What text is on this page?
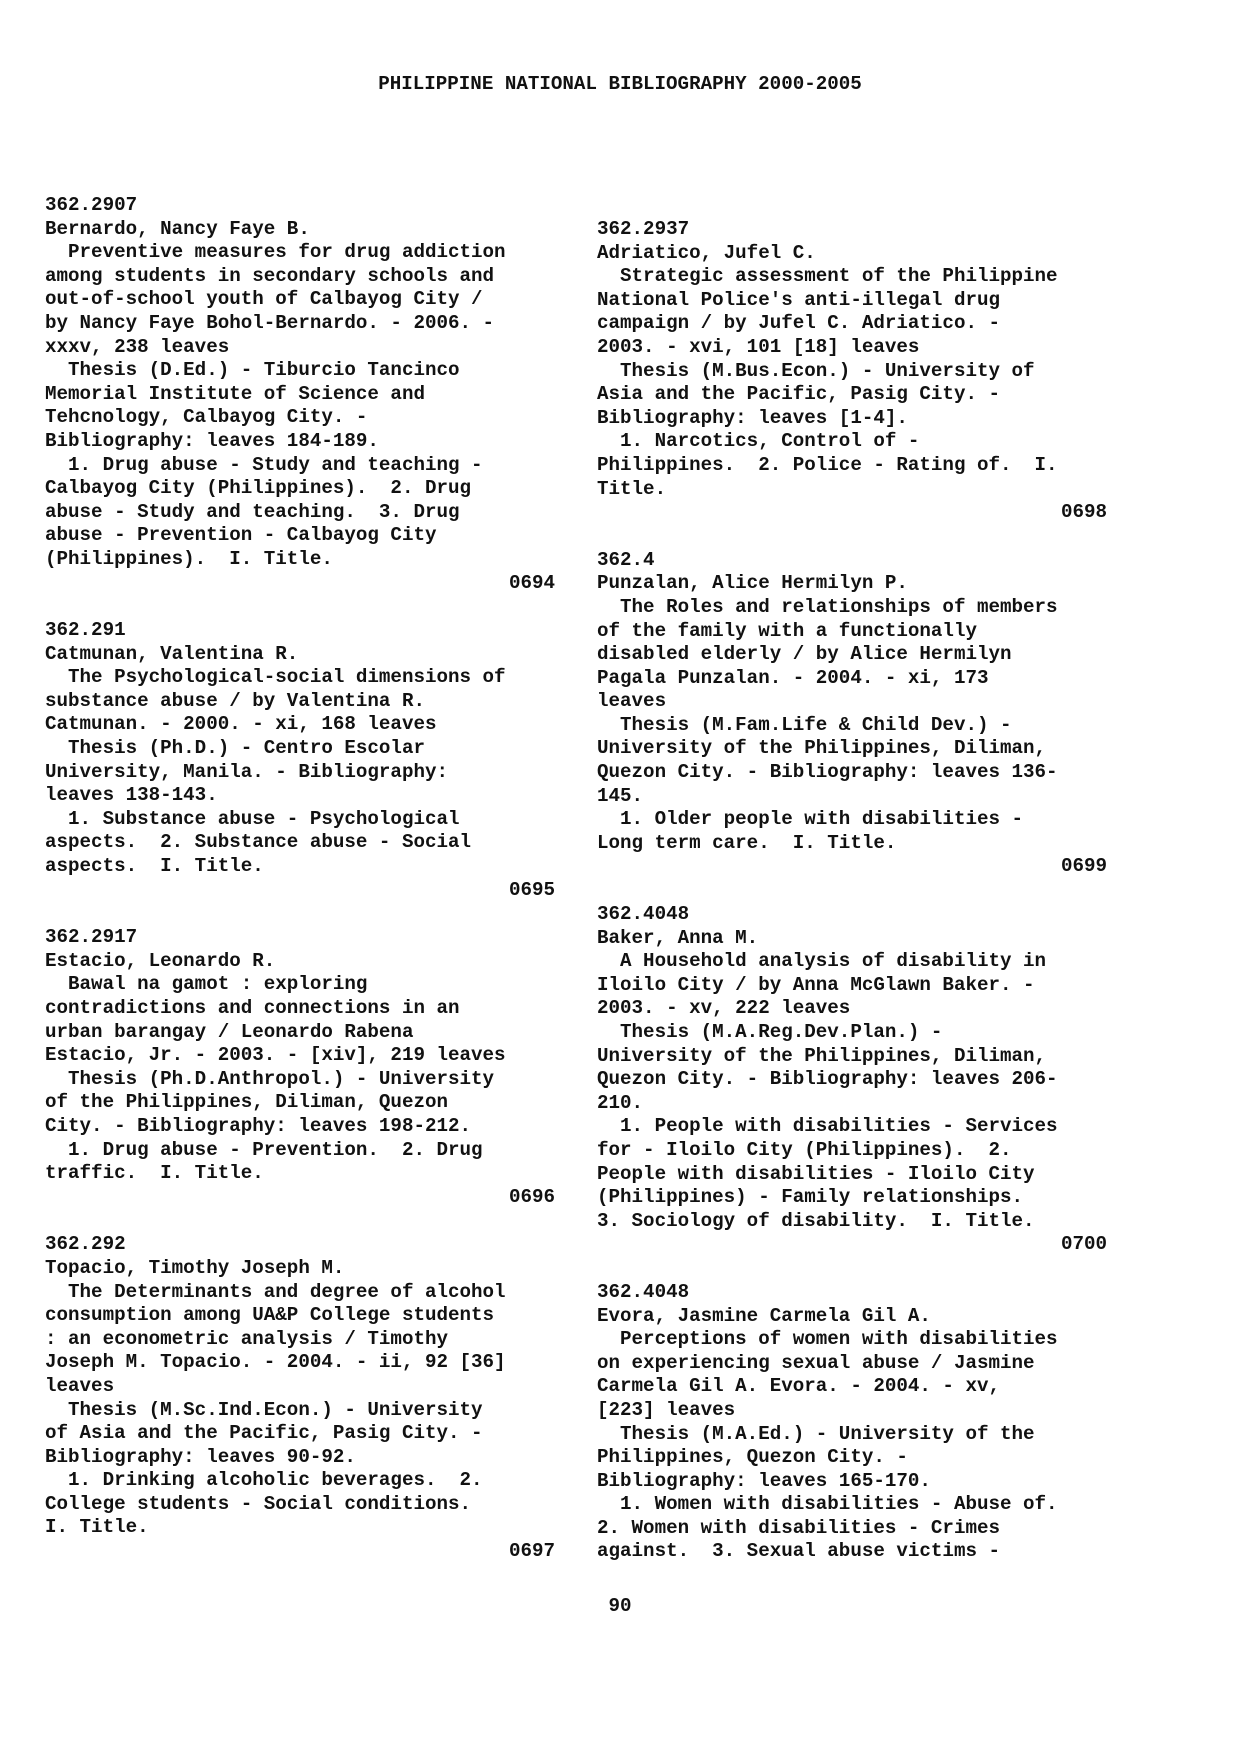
PHILIPPINE NATIONAL BIBLIOGRAPHY 2000-2005
362.2907
Bernardo, Nancy Faye B.
Preventive measures for drug addiction
among students in secondary schools and
out-of-school youth of Calbayog City /
by Nancy Faye Bohol-Bernardo. - 2006. -
xxxv, 238 leaves
Thesis (D.Ed.) - Tiburcio Tancinco
Memorial Institute of Science and
Tehcnology, Calbayog City. -
Bibliography: leaves 184-189.
1. Drug abuse - Study and teaching -
Calbayog City (Philippines).  2. Drug
abuse - Study and teaching.  3. Drug
abuse - Prevention - Calbayog City
(Philippines).  I. Title.
0694
362.291
Catmunan, Valentina R.
The Psychological-social dimensions of
substance abuse / by Valentina R.
Catmunan. - 2000. - xi, 168 leaves
Thesis (Ph.D.) - Centro Escolar
University, Manila. - Bibliography:
leaves 138-143.
1. Substance abuse - Psychological
aspects.  2. Substance abuse - Social
aspects.  I. Title.
0695
362.2917
Estacio, Leonardo R.
Bawal na gamot : exploring
contradictions and connections in an
urban barangay / Leonardo Rabena
Estacio, Jr. - 2003. - [xiv], 219 leaves
Thesis (Ph.D.Anthropol.) - University
of the Philippines, Diliman, Quezon
City. - Bibliography: leaves 198-212.
1. Drug abuse - Prevention.  2. Drug
traffic.  I. Title.
0696
362.292
Topacio, Timothy Joseph M.
The Determinants and degree of alcohol
consumption among UA&P College students
: an econometric analysis / Timothy
Joseph M. Topacio. - 2004. - ii, 92 [36]
leaves
Thesis (M.Sc.Ind.Econ.) - University
of Asia and the Pacific, Pasig City. -
Bibliography: leaves 90-92.
1. Drinking alcoholic beverages.  2.
College students - Social conditions.
I. Title.
0697
362.2937
Adriatico, Jufel C.
Strategic assessment of the Philippine
National Police's anti-illegal drug
campaign / by Jufel C. Adriatico. -
2003. - xvi, 101 [18] leaves
Thesis (M.Bus.Econ.) - University of
Asia and the Pacific, Pasig City. -
Bibliography: leaves [1-4].
1. Narcotics, Control of -
Philippines.  2. Police - Rating of.  I.
Title.
0698
362.4
Punzalan, Alice Hermilyn P.
The Roles and relationships of members
of the family with a functionally
disabled elderly / by Alice Hermilyn
Pagala Punzalan. - 2004. - xi, 173
leaves
Thesis (M.Fam.Life & Child Dev.) -
University of the Philippines, Diliman,
Quezon City. - Bibliography: leaves 136-
145.
1. Older people with disabilities -
Long term care.  I. Title.
0699
362.4048
Baker, Anna M.
A Household analysis of disability in
Iloilo City / by Anna McGlawn Baker. -
2003. - xv, 222 leaves
Thesis (M.A.Reg.Dev.Plan.) -
University of the Philippines, Diliman,
Quezon City. - Bibliography: leaves 206-
210.
1. People with disabilities - Services
for - Iloilo City (Philippines).  2.
People with disabilities - Iloilo City
(Philippines) - Family relationships.
3. Sociology of disability.  I. Title.
0700
362.4048
Evora, Jasmine Carmela Gil A.
Perceptions of women with disabilities
on experiencing sexual abuse / Jasmine
Carmela Gil A. Evora. - 2004. - xv,
[223] leaves
Thesis (M.A.Ed.) - University of the
Philippines, Quezon City. -
Bibliography: leaves 165-170.
1. Women with disabilities - Abuse of.
2. Women with disabilities - Crimes
against.  3. Sexual abuse victims -
90
